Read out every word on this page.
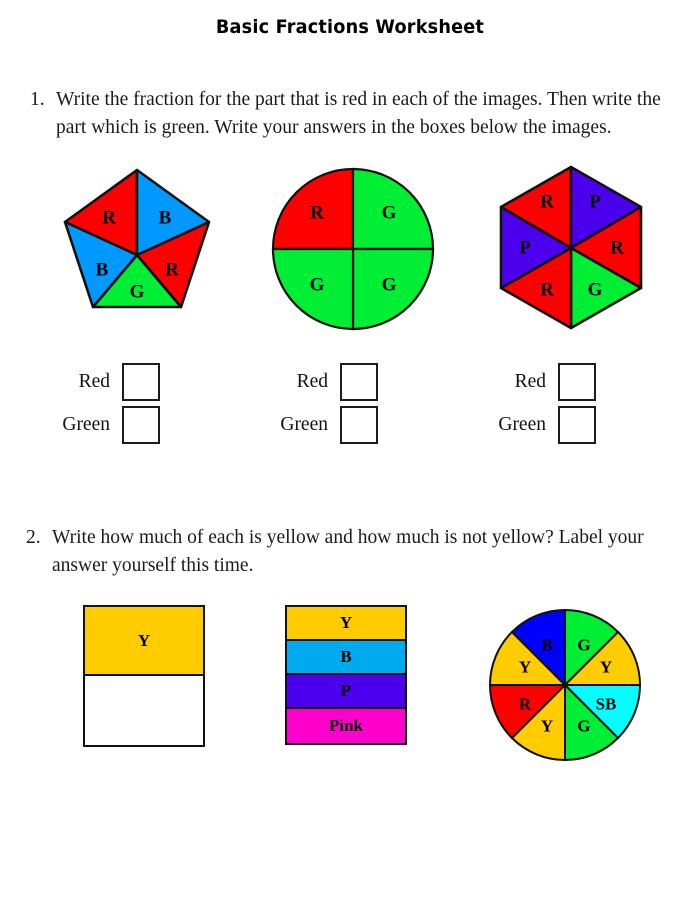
Basic Fractions Worksheet
1. Write the fraction for the part that is red in each of the images. Then write the part which is green. Write your answers in the boxes below the images.
R B
R
G
B
R	G
G	G
R P
R
G
R
P
Red
Green
Red
Green
Red
Green
2. Write how much of each is yellow and how much is not yellow? Label your answer yourself this time.
Y
Y
B
P
Pink
G
Y
SB
G
Y
R
Y
B
